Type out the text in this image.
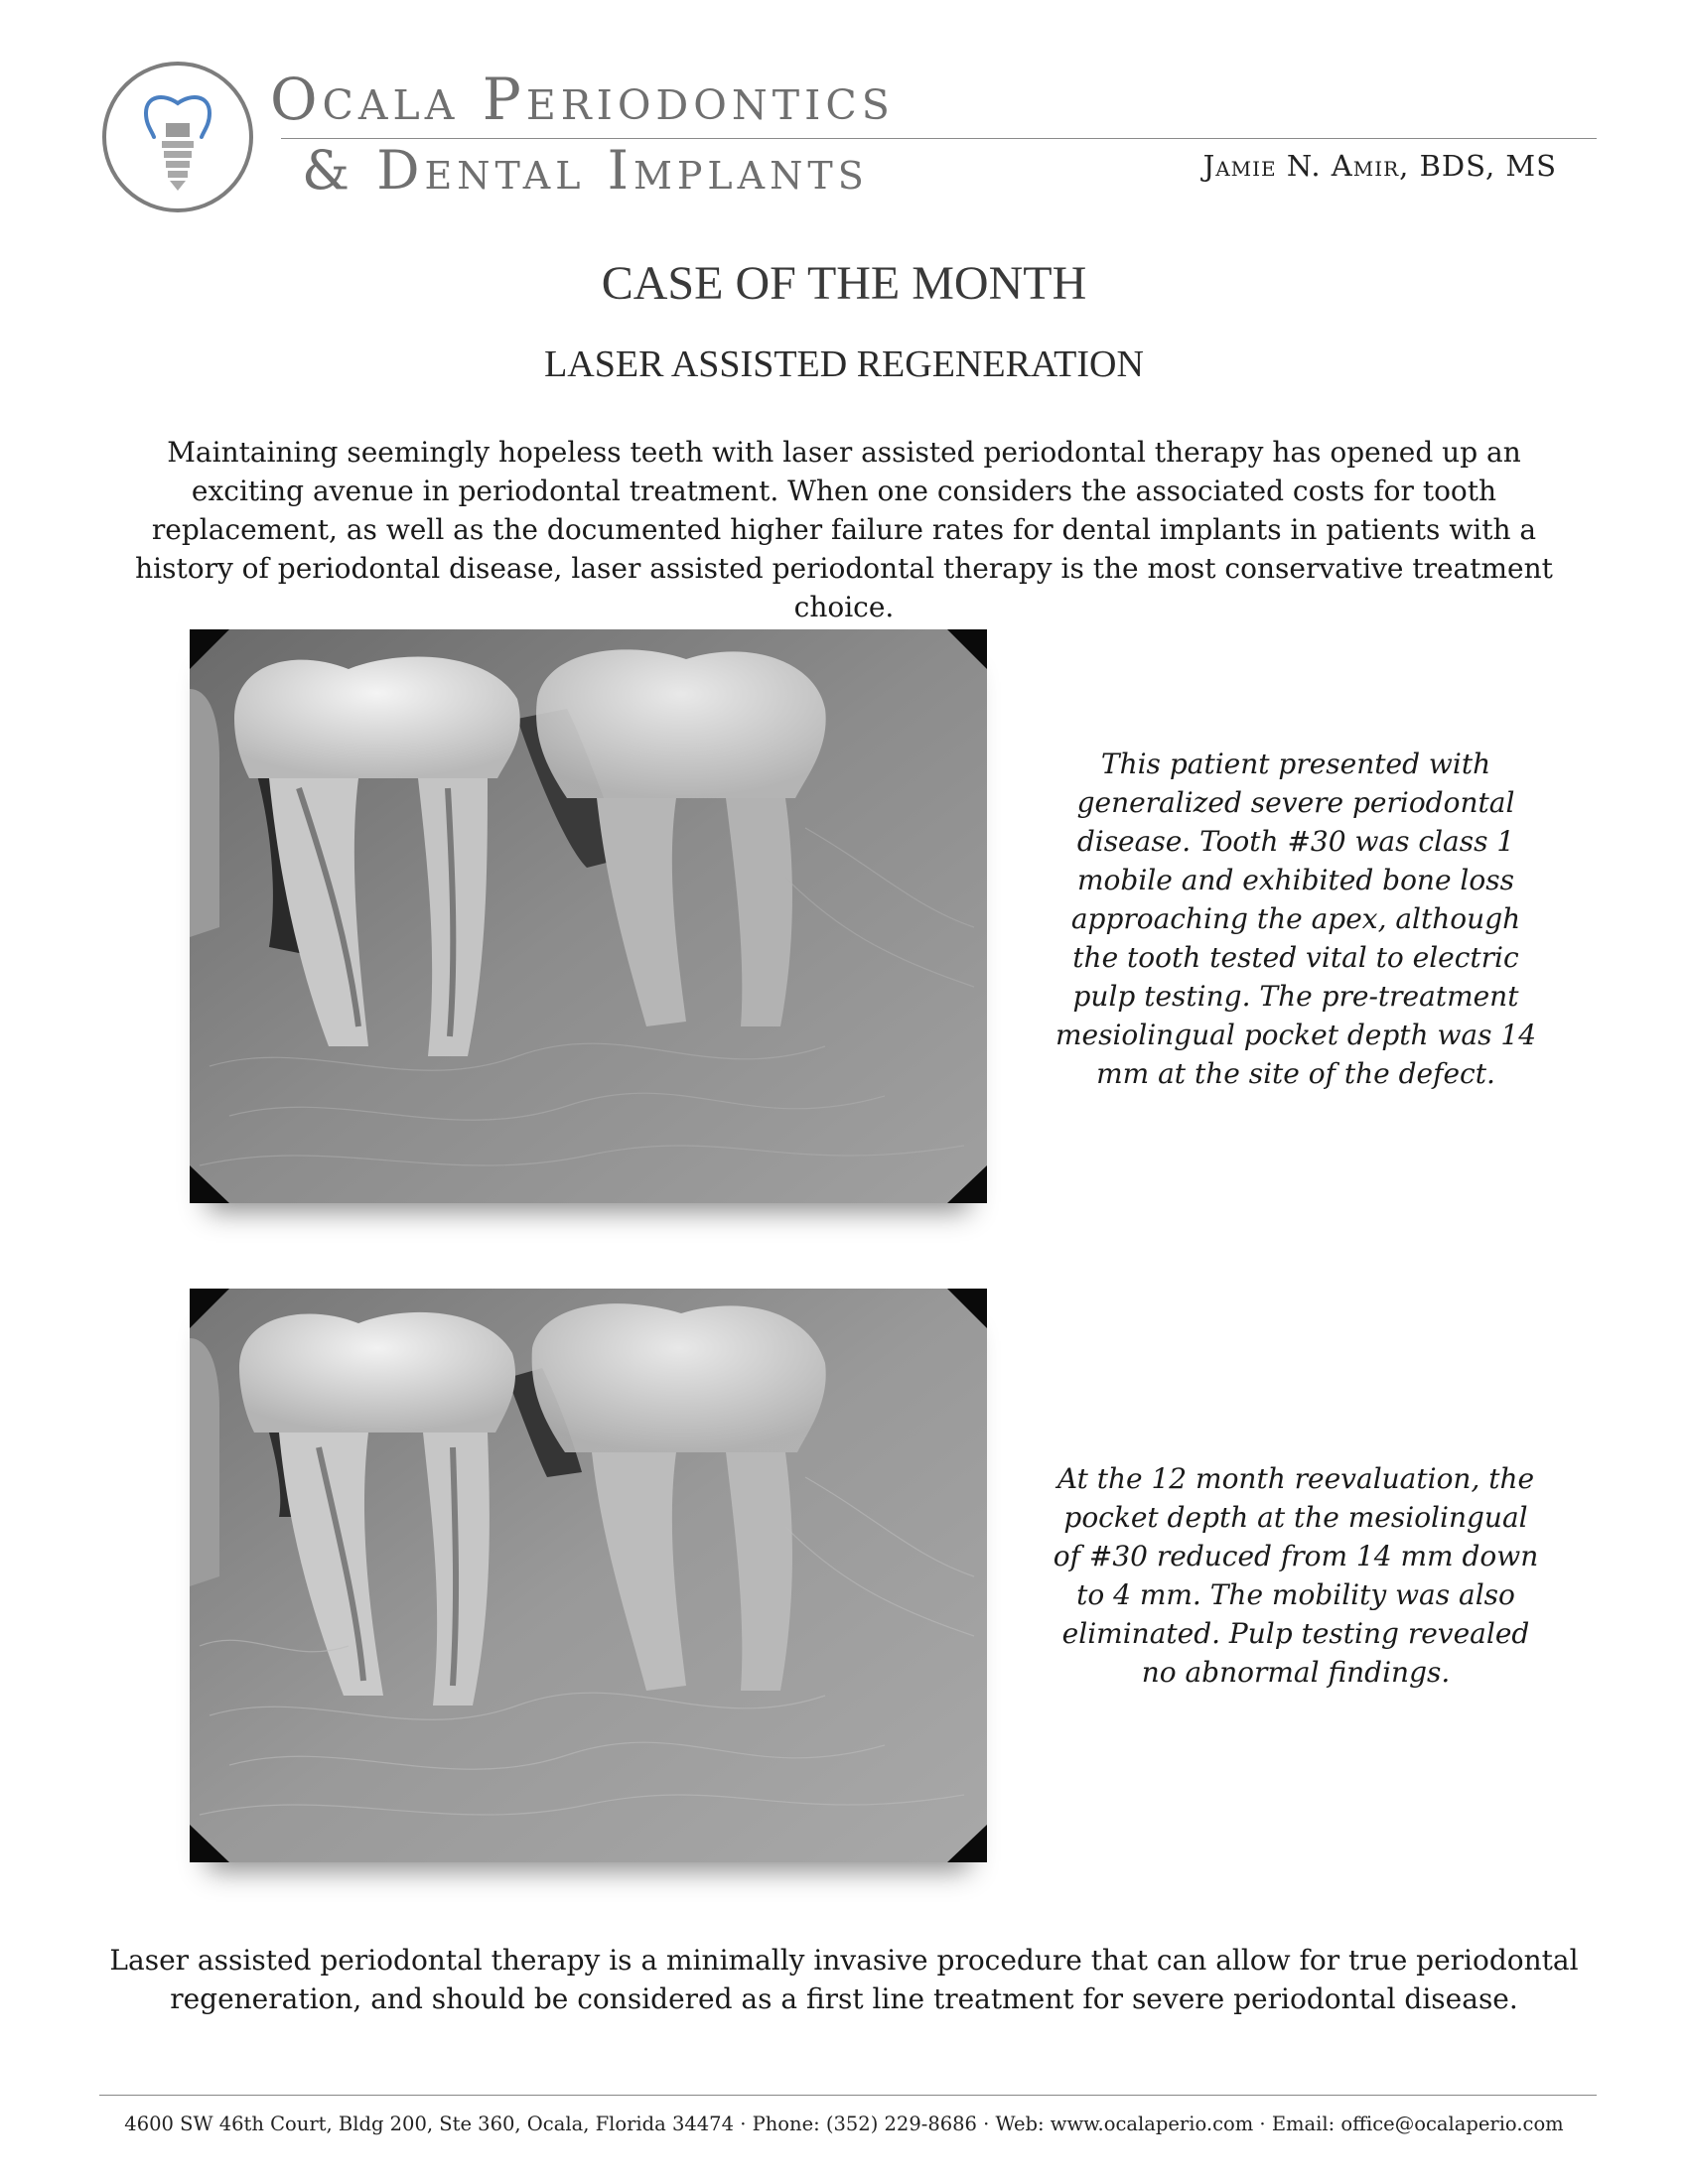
Ocala Periodontics
& Dental Implants	Jamie N. Amir, BDS, MS
CASE OF THE MONTH
LASER ASSISTED REGENERATION

Maintaining seemingly hopeless teeth with laser assisted periodontal therapy has opened up an exciting avenue in periodontal treatment. When one considers the associated costs for tooth replacement, as well as the documented higher failure rates for dental implants in patients with a history of periodontal disease, laser assisted periodontal therapy is the most conservative treatment choice.

This patient presented with generalized severe periodontal disease. Tooth #30 was class 1 mobile and exhibited bone loss approaching the apex, although the tooth tested vital to electric pulp testing. The pre-treatment mesiolingual pocket depth was 14 mm at the site of the defect.

At the 12 month reevaluation, the pocket depth at the mesiolingual of #30 reduced from 14 mm down to 4 mm. The mobility was also eliminated. Pulp testing revealed no abnormal findings.

Laser assisted periodontal therapy is a minimally invasive procedure that can allow for true periodontal regeneration, and should be considered as a first line treatment for severe periodontal disease.

4600 SW 46th Court, Bldg 200, Ste 360, Ocala, Florida 34474 · Phone: (352) 229-8686 · Web: www.ocalaperio.com · Email: office@ocalaperio.com
